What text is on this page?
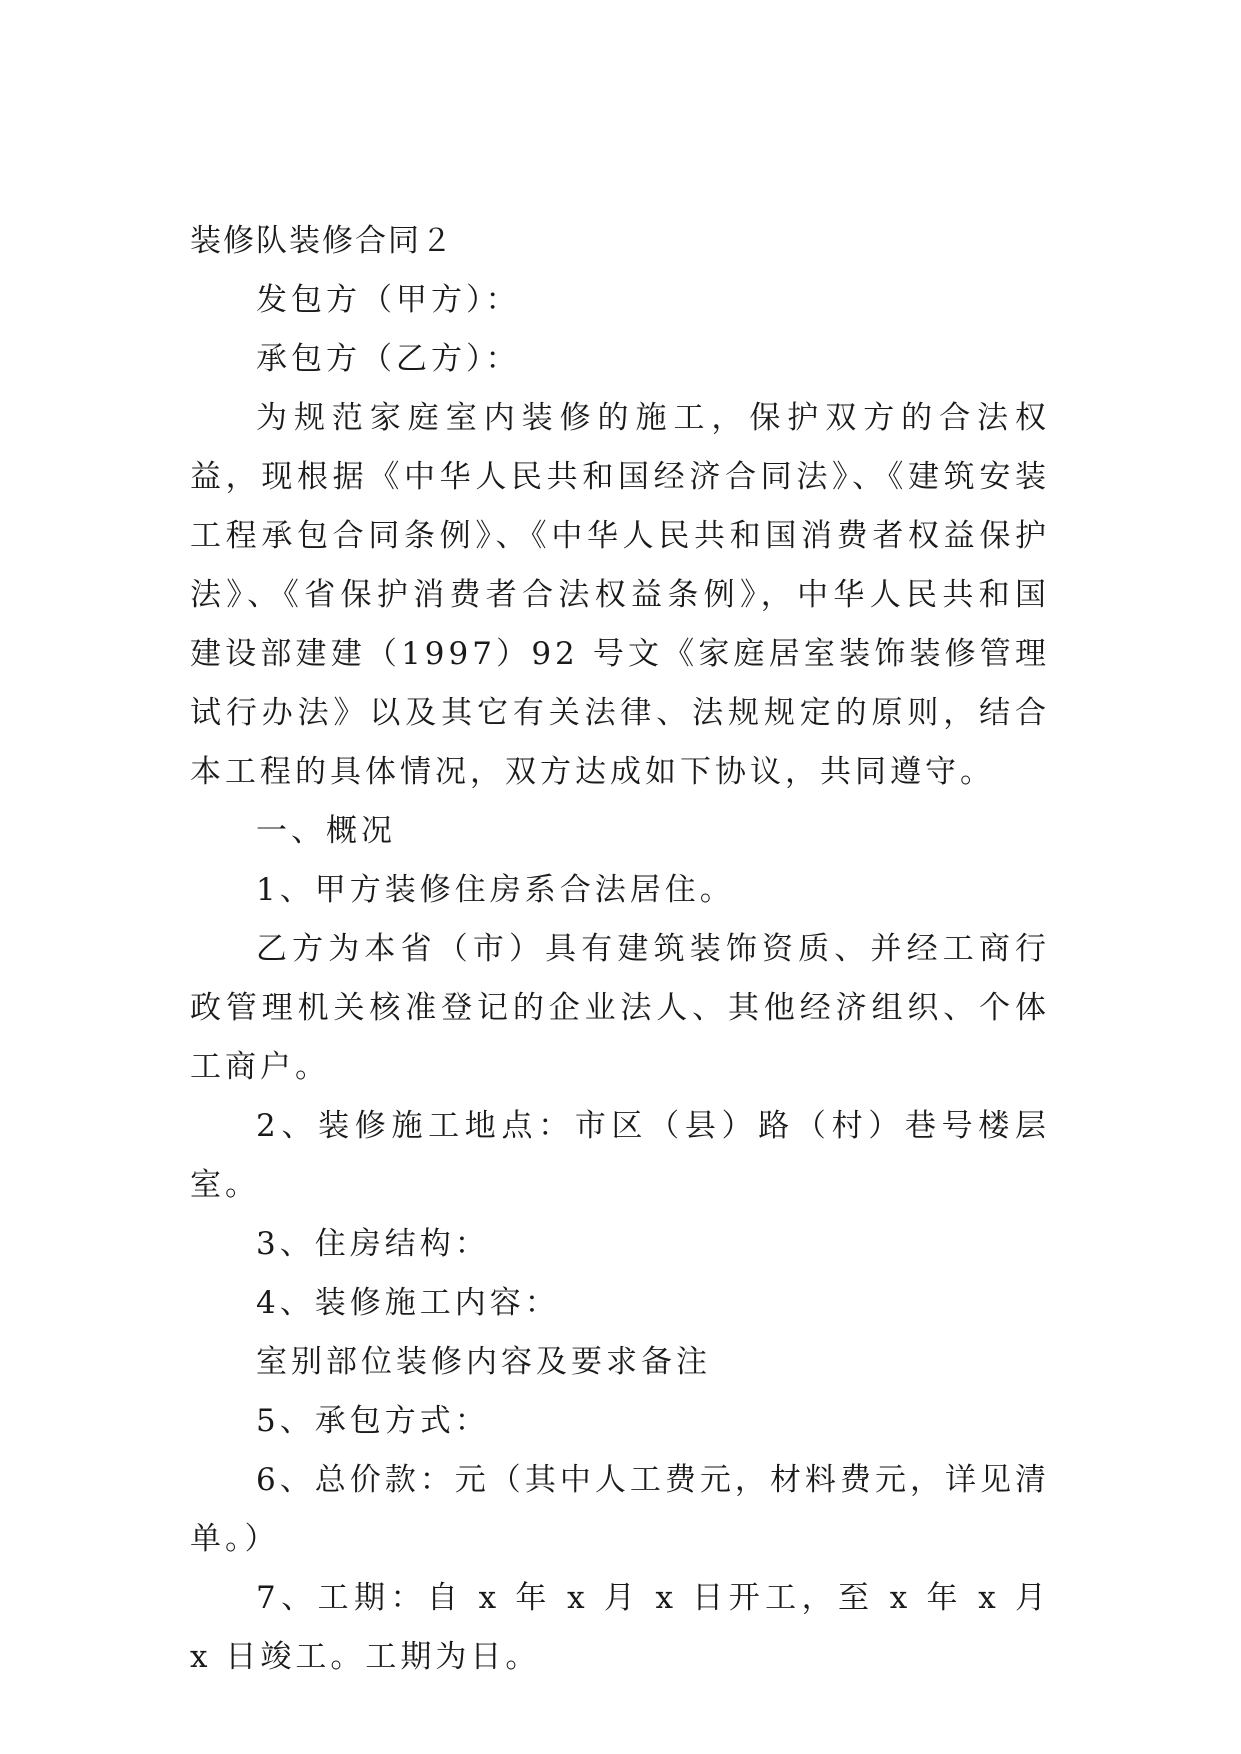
装修队装修合同２

发包方（甲方）：

承包方（乙方）：

为规范家庭室内装修的施工，保护双方的合法权益，现根据《中华人民共和国经济合同法》、《建筑安装工程承包合同条例》、《中华人民共和国消费者权益保护法》、《省保护消费者合法权益条例》，中华人民共和国建设部建建（1997）92 号文《家庭居室装饰装修管理试行办法》以及其它有关法律、法规规定的原则，结合本工程的具体情况，双方达成如下协议，共同遵守。

一、概况

1、甲方装修住房系合法居住。

乙方为本省（市）具有建筑装饰资质、并经工商行政管理机关核准登记的企业法人、其他经济组织、个体工商户。

2、装修施工地点：市区（县）路（村）巷号楼层室。

3、住房结构：

4、装修施工内容：

室别部位装修内容及要求备注

5、承包方式：

6、总价款：元（其中人工费元，材料费元，详见清单。）

7、工期：自 x 年 x 月 x 日开工，至 x 年 x 月 x 日竣工。工期为日。
